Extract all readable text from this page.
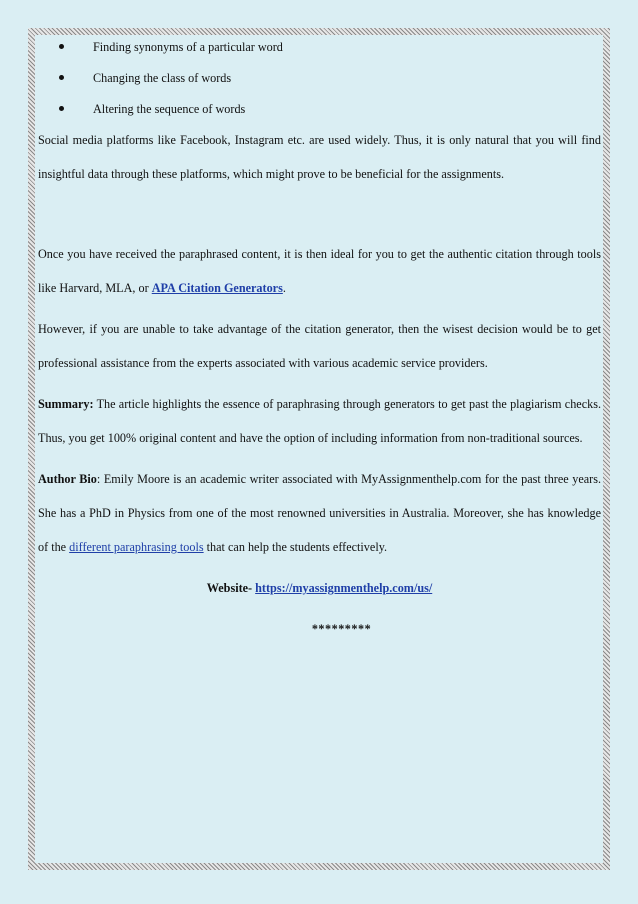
Finding synonyms of a particular word
Changing the class of words
Altering the sequence of words

Social media platforms like Facebook, Instagram etc. are used widely. Thus, it is only natural that you will find insightful data through these platforms, which might prove to be beneficial for the assignments.

Once you have received the paraphrased content, it is then ideal for you to get the authentic citation through tools like Harvard, MLA, or APA Citation Generators.

However, if you are unable to take advantage of the citation generator, then the wisest decision would be to get professional assistance from the experts associated with various academic service providers.

Summary: The article highlights the essence of paraphrasing through generators to get past the plagiarism checks. Thus, you get 100% original content and have the option of including information from non-traditional sources.

Author Bio: Emily Moore is an academic writer associated with MyAssignmenthelp.com for the past three years. She has a PhD in Physics from one of the most renowned universities in Australia. Moreover, she has knowledge of the different paraphrasing tools that can help the students effectively.

Website- https://myassignmenthelp.com/us/

*********
